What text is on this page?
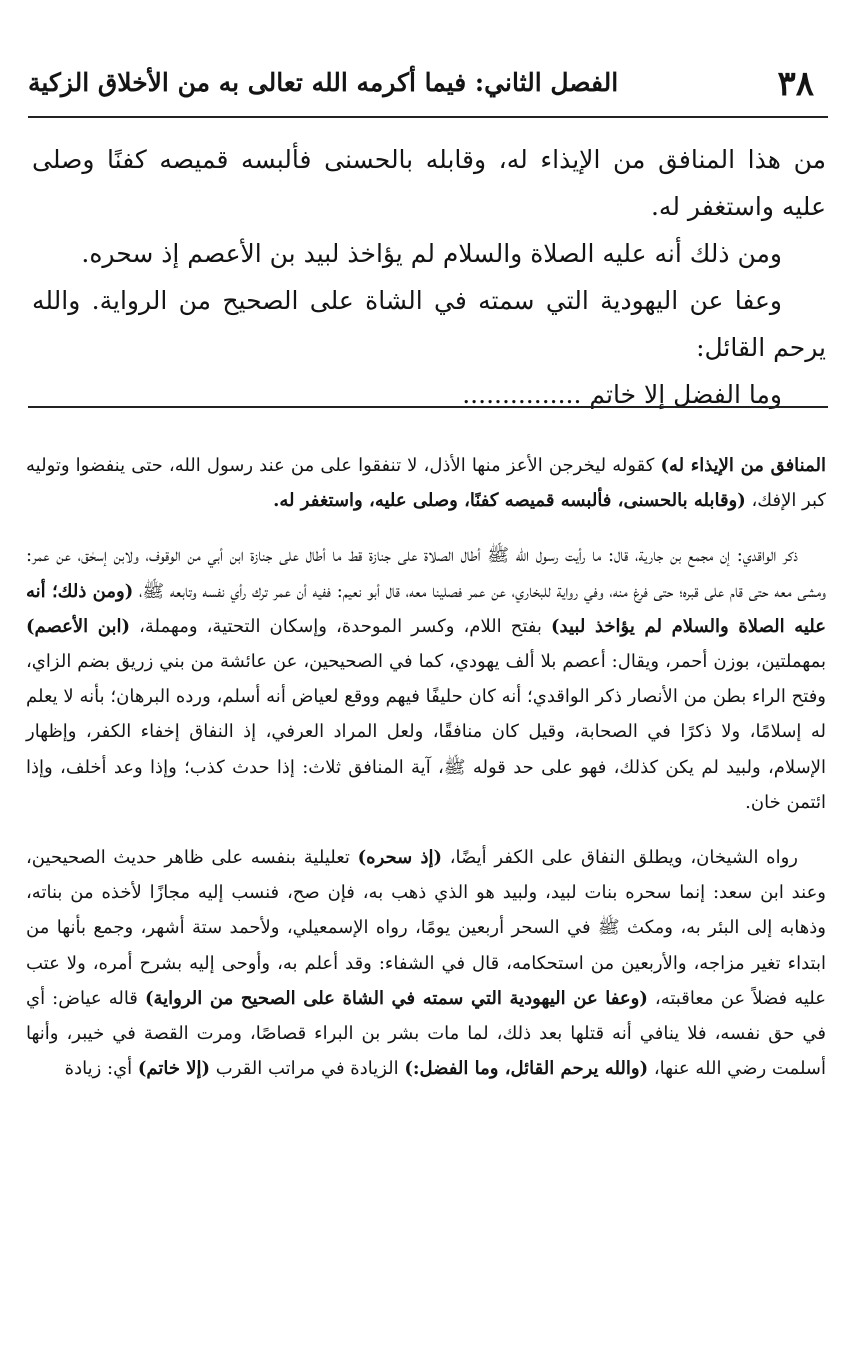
٣٨
الفصل الثاني: فيما أكرمه الله تعالى به من الأخلاق الزكية

من هذا المنافق من الإيذاء له، وقابله بالحسنى فألبسه قميصه كفنًا وصلى عليه واستغفر له.

ومن ذلك أنه عليه الصلاة والسلام لم يؤاخذ لبيد بن الأعصم إذ سحره.

وعفا عن اليهودية التي سمته في الشاة على الصحيح من الرواية. والله يرحم القائل:

وما الفضل إلا خاتم ...............

المنافق من الإيذاء له) كقوله ليخرجن الأعز منها الأذل، لا تنفقوا على من عند رسول الله، حتى ينفضوا وتوليه كبر الإفك، (وقابله بالحسنى، فألبسه قميصه كفنًا، وصلى عليه، واستغفر له.

ذكر الواقدي: إن مجمع بن جارية، قال: ما رأيت رسول الله ﷺ أطال الصلاة على جنازة قط ما أطال على جنازة ابن أبي من الوقوف، ولابن إسحٰق، عن عمر: ومشى معه حتى قام على قبره؛ حتى فرغ منه، وفي رواية للبخاري، عن عمر فصلينا معه، قال أبو نعيم: ففيه أن عمر ترك رأي نفسه وتابعه ﷺ، (ومن ذلك؛ أنه عليه الصلاة والسلام لم يؤاخذ لبيد) بفتح اللام، وكسر الموحدة، وإسكان التحتية، ومهملة، (ابن الأعصم) بمهملتين، بوزن أحمر، ويقال: أعصم بلا ألف يهودي، كما في الصحيحين، عن عائشة من بني زريق بضم الزاي، وفتح الراء بطن من الأنصار ذكر الواقدي؛ أنه كان حليفًا فيهم ووقع لعياض أنه أسلم، ورده البرهان؛ بأنه لا يعلم له إسلامًا، ولا ذكرًا في الصحابة، وقيل كان منافقًا، ولعل المراد العرفي، إذ النفاق إخفاء الكفر، وإظهار الإسلام، ولبيد لم يكن كذلك، فهو على حد قوله ﷺ، آية المنافق ثلاث: إذا حدث كذب؛ وإذا وعد أخلف، وإذا ائتمن خان.

رواه الشيخان، ويطلق النفاق على الكفر أيضًا، (إذ سحره) تعليلية بنفسه على ظاهر حديث الصحيحين، وعند ابن سعد: إنما سحره بنات لبيد، ولبيد هو الذي ذهب به، فإن صح، فنسب إليه مجازًا لأخذه من بناته، وذهابه إلى البئر به، ومكث ﷺ في السحر أربعين يومًا، رواه الإسمعيلي، ولأحمد ستة أشهر، وجمع بأنها من ابتداء تغير مزاجه، والأربعين من استحكامه، قال في الشفاء: وقد أعلم به، وأوحى إليه بشرح أمره، ولا عتب عليه فضلاً عن معاقبته، (وعفا عن اليهودية التي سمته في الشاة على الصحيح من الرواية) قاله عياض: أي في حق نفسه، فلا ينافي أنه قتلها بعد ذلك، لما مات بشر بن البراء قصاصًا، ومرت القصة في خيبر، وأنها أسلمت رضي الله عنها، (والله يرحم القائل، وما الفضل:) الزيادة في مراتب القرب (إلا خاتم) أي: زيادة
